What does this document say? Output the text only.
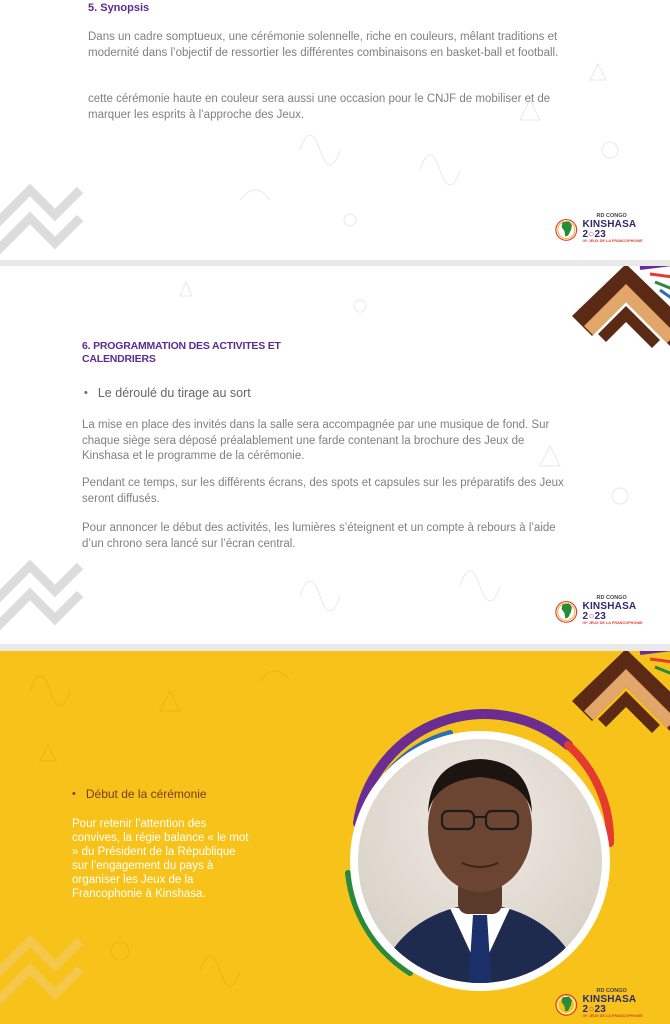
5. Synopsis

Dans un cadre somptueux, une cérémonie solennelle, riche en couleurs, mêlant traditions et modernité dans l’objectif de ressortier les différentes combinaisons en basket-ball et football.

cette cérémonie haute en couleur sera aussi une occasion pour le CNJF de mobiliser et de marquer les esprits à l’approche des Jeux.

RD CONGO
KINSHASA 2○23
IXᵉ JEUX DE LA FRANCOPHONIE
6. PROGRAMMATION DES ACTIVITES ET CALENDRIERS
• Le déroulé du tirage au sort

La mise en place des invités dans la salle sera accompagnée par une musique de fond. Sur chaque siège sera déposé préalablement une farde contenant la brochure des Jeux de Kinshasa et le programme de la cérémonie.

Pendant ce temps, sur les différents écrans, des spots et capsules sur les préparatifs des Jeux seront diffusés.

Pour annoncer le début des activités, les lumières s’éteignent et un compte à rebours à l’aide d’un chrono sera lancé sur l’écran central.

RD CONGO
KINSHASA 2○23
IXᵉ JEUX DE LA FRANCOPHONIE
• Début de la cérémonie

Pour retenir l’attention des convives, la régie balance « le mot » du Président de la République sur l’engagement du pays à organiser les Jeux de la Francophonie à Kinshasa.

RD CONGO
KINSHASA 2○23
IXᵉ JEUX DE LA FRANCOPHONIE
